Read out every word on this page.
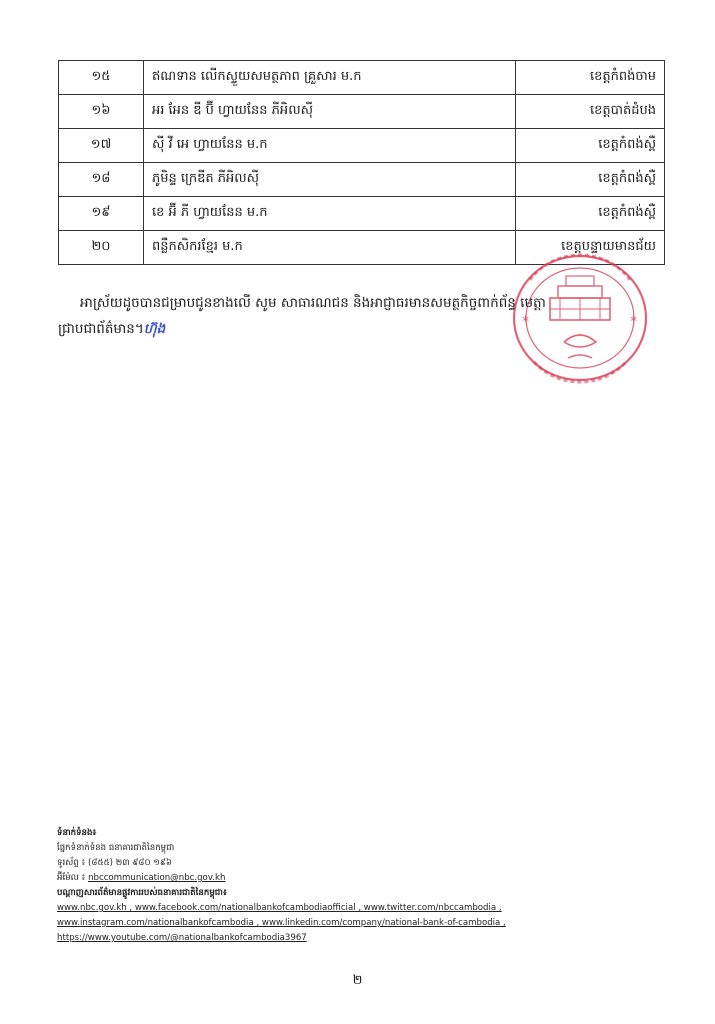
១៥	ឥណទាន លើកស្ទួយសមត្ថភាព គ្រួសារ ម.ក	ខេត្តកំពង់ចាម
១៦	អរ អែន ឌី ប៊ី ហ្វាយនែន ភីអិលស៊ី	ខេត្តបាត់ដំបង
១៧	ស៊ី វី អេ ហ្វាយនែន ម.ក	ខេត្តកំពង់ស្ពឺ
១៨	ភូមិន្ទ ក្រេឌីត ភីអិលស៊ី	ខេត្តកំពង់ស្ពឺ
១៩	ខេ អ៊ី ភី ហ្វាយនែន ម.ក	ខេត្តកំពង់ស្ពឺ
២០	ពន្លឺកសិករខ្មែរ ម.ក	ខេត្តបន្ទាយមានជ័យ
*	*
អាស្រ័យដូចបានជម្រាបជូនខាងលើ សូម សាធារណជន និងអាជ្ញាធរមានសមត្ថកិច្ចពាក់ព័ន្ធ មេត្តា
ជ្រាបជាព័ត៌មាន។ហ៊ុង
ទំនាក់ទំនង៖
ផ្នែកទំនាក់ទំនង ធនាគារជាតិនៃកម្ពុជា
ទូរស័ព្ទ ៖ (៨៥៥) ២៣ ៩៨០ ១៩៦
អ៊ីម៉ែល ៖ nbccommunication@nbc.gov.kh
បណ្តាញសារព័ត៌មានផ្លូវការរបស់ធនាគារជាតិនៃកម្ពុជា៖
www.nbc.gov.kh , www.facebook.com/nationalbankofcambodiaofficial , www.twitter.com/nbccambodia ,
www.instagram.com/nationalbankofcambodia , www.linkedin.com/company/national-bank-of-cambodia ,
https://www.youtube.com/@nationalbankofcambodia3967
២
